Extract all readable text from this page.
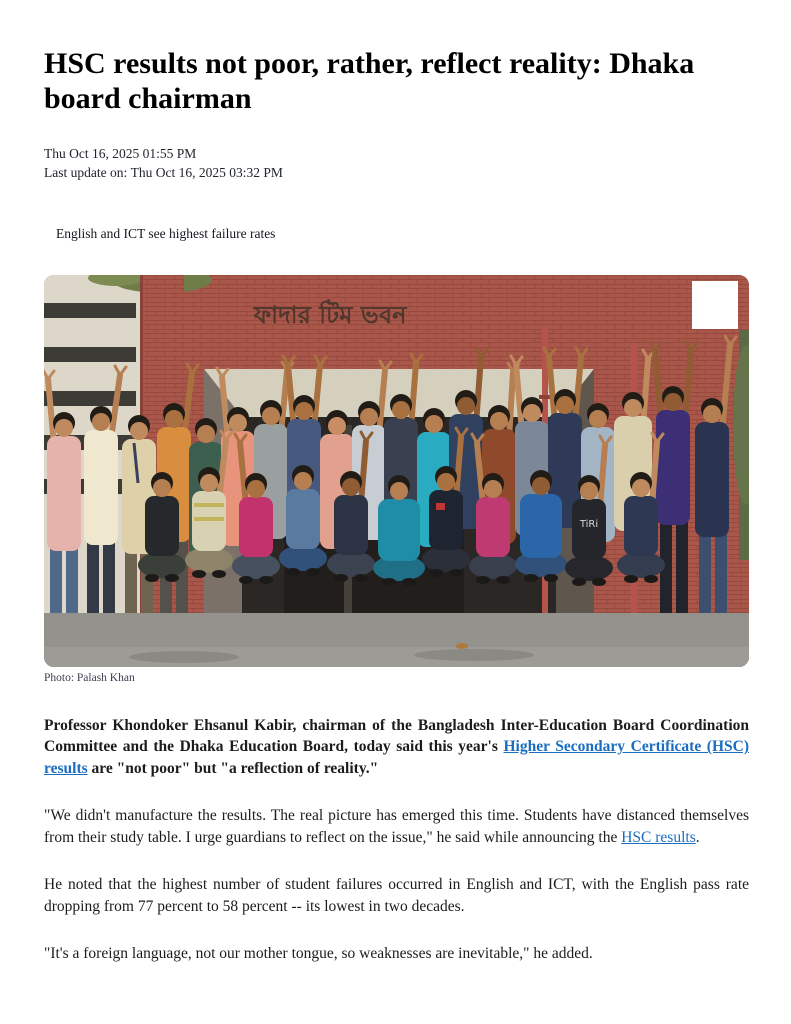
HSC results not poor, rather, reflect reality: Dhaka board chairman
Thu Oct 16, 2025 01:55 PM
Last update on: Thu Oct 16, 2025 03:32 PM
English and ICT see highest failure rates
ফাদার টিম ভবন
TiRi
Photo: Palash Khan

Professor Khondoker Ehsanul Kabir, chairman of the Bangladesh Inter-Education Board Coordination Committee and the Dhaka Education Board, today said this year's Higher Secondary Certificate (HSC) results are "not poor" but "a reflection of reality."

"We didn't manufacture the results. The real picture has emerged this time. Students have distanced themselves from their study table. I urge guardians to reflect on the issue," he said while announcing the HSC results.

He noted that the highest number of student failures occurred in English and ICT, with the English pass rate dropping from 77 percent to 58 percent -- its lowest in two decades.

"It's a foreign language, not our mother tongue, so weaknesses are inevitable," he added.
